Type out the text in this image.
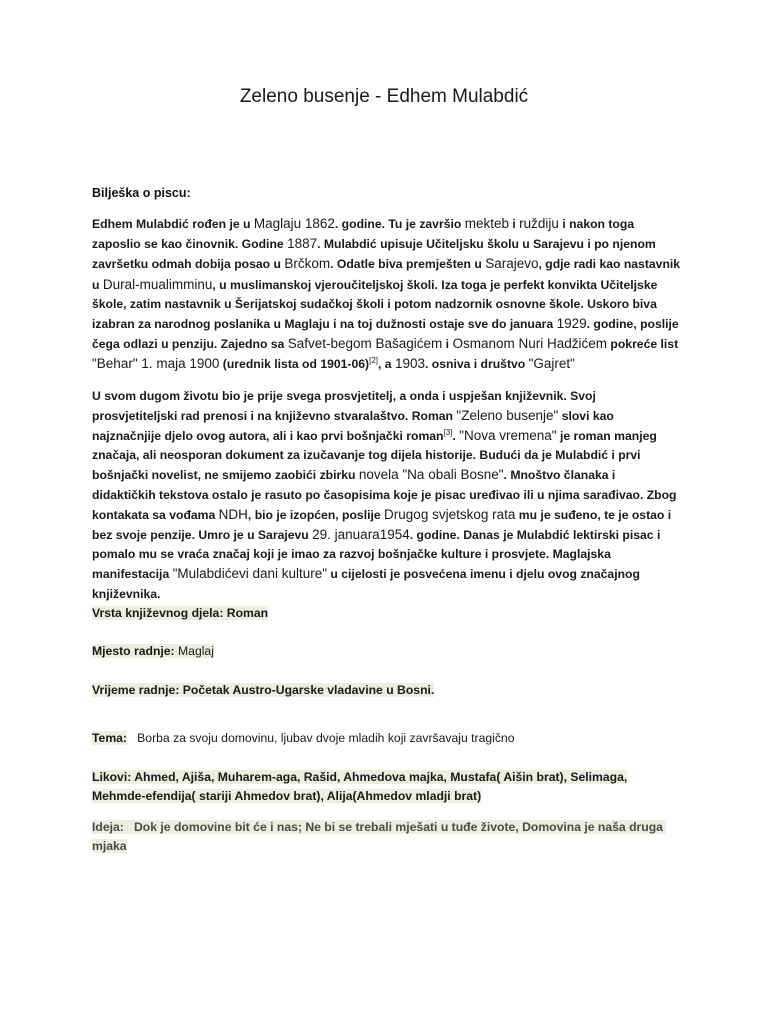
Zeleno busenje - Edhem Mulabdić

Bilješka o piscu:

Edhem Mulabdić rođen je u Maglaju 1862. godine. Tu je završio mekteb i ruždiju i nakon toga zaposlio se kao činovnik. Godine 1887. Mulabdić upisuje Učiteljsku školu u Sarajevu i po njenom završetku odmah dobija posao u Brčkom. Odatle biva premješten u Sarajevo, gdje radi kao nastavnik u Dural-mualimminu, u muslimanskoj vjeroučiteljskoj školi. Iza toga je perfekt konvikta Učiteljske škole, zatim nastavnik u Šerijatskoj sudačkoj školi i potom nadzornik osnovne škole. Uskoro biva izabran za narodnog poslanika u Maglaju i na toj dužnosti ostaje sve do januara 1929. godine, poslije čega odlazi u penziju. Zajedno sa Safvet-begom Bašagićem i Osmanom Nuri Hadžićem pokreće list "Behar" 1. maja 1900 (urednik lista od 1901-06)[2], a 1903. osniva i društvo "Gajret"

U svom dugom životu bio je prije svega prosvjetitelj, a onda i uspješan književnik. Svoj prosvjetiteljski rad prenosi i na književno stvaralaštvo. Roman "Zeleno busenje" slovi kao najznačnjije djelo ovog autora, ali i kao prvi bošnjački roman[3]. "Nova vremena" je roman manjeg značaja, ali neosporan dokument za izučavanje tog dijela historije. Budući da je Mulabdić i prvi bošnjački novelist, ne smijemo zaobići zbirku novela "Na obali Bosne". Mnoštvo članaka i didaktičkih tekstova ostalo je rasuto po časopisima koje je pisac uređivao ili u njima sarađivao. Zbog kontakata sa vođama NDH, bio je izopćen, poslije Drugog svjetskog rata mu je suđeno, te je ostao i bez svoje penzije. Umro je u Sarajevu 29. januara1954. godine. Danas je Mulabdić lektirski pisac i pomalo mu se vraća značaj koji je imao za razvoj bošnjačke kulture i prosvjete. Maglajska manifestacija "Mulabdićevi dani kulture" u cijelosti je posvećena imenu i djelu ovog značajnog književnika.

Vrsta književnog djela: Roman
Mjesto radnje: Maglaj
Vrijeme radnje: Početak Austro-Ugarske vladavine u Bosni.
Tema:   Borba za svoju domovinu, ljubav dvoje mladih koji završavaju tragično
Likovi: Ahmed, Ajiša, Muharem-aga, Rašid, Ahmedova majka, Mustafa( Aišin brat), Selimaga, Mehmde-efendija( stariji Ahmedov brat), Alija(Ahmedov mladji brat)
Ideja:   Dok je domovine bit će i nas; Ne bi se trebali mješati u tuđe živote, Domovina je naša druga mjaka
